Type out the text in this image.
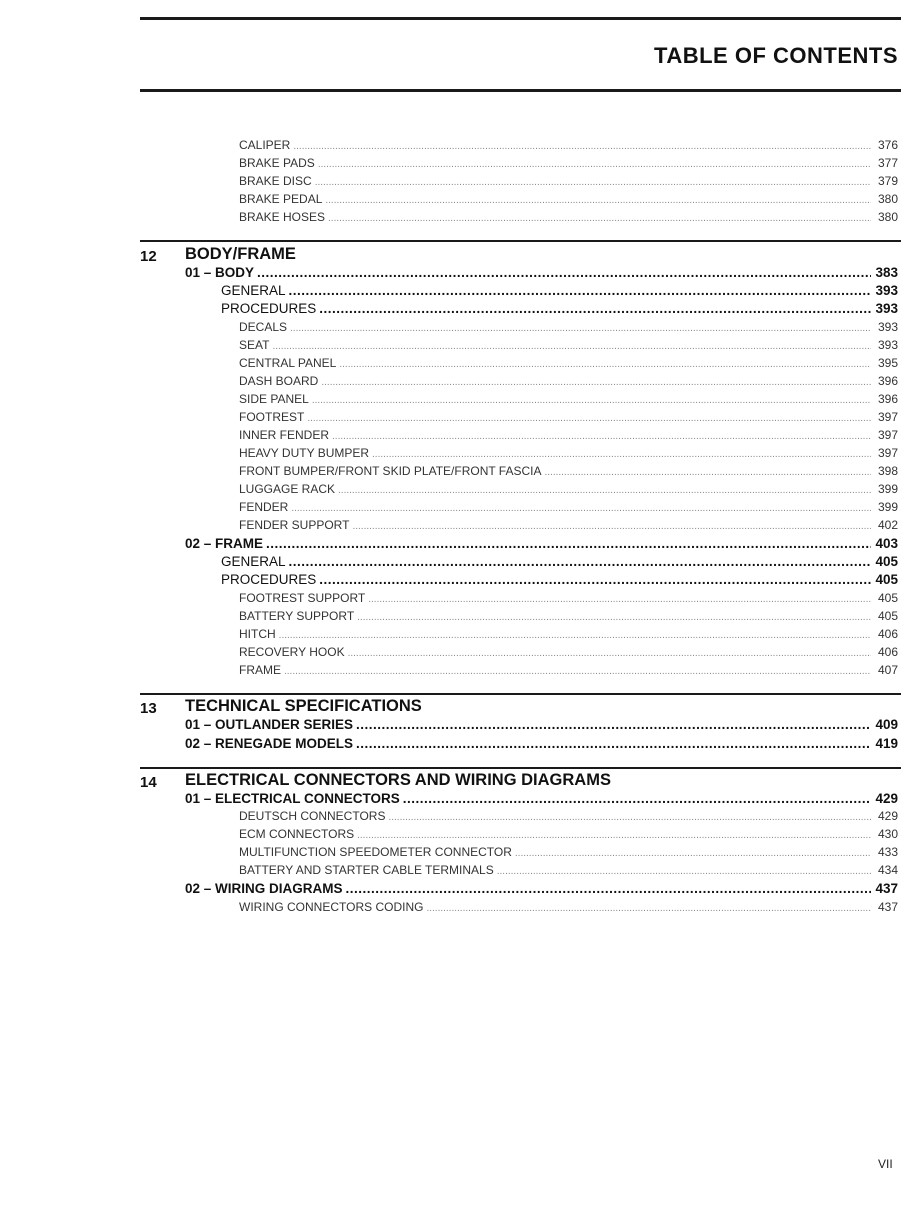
TABLE OF CONTENTS
CALIPER .....	376
BRAKE PADS .....	377
BRAKE DISC .....	379
BRAKE PEDAL .....	380
BRAKE HOSES .....	380
12 BODY/FRAME
01 – BODY .....	383
GENERAL .....	393
PROCEDURES .....	393
DECALS .....	393
SEAT .....	393
CENTRAL PANEL .....	395
DASH BOARD .....	396
SIDE PANEL .....	396
FOOTREST .....	397
INNER FENDER .....	397
HEAVY DUTY BUMPER .....	397
FRONT BUMPER/FRONT SKID PLATE/FRONT FASCIA .....	398
LUGGAGE RACK .....	399
FENDER .....	399
FENDER SUPPORT .....	402
02 – FRAME .....	403
GENERAL .....	405
PROCEDURES .....	405
FOOTREST SUPPORT .....	405
BATTERY SUPPORT .....	405
HITCH .....	406
RECOVERY HOOK .....	406
FRAME .....	407
13 TECHNICAL SPECIFICATIONS
01 – OUTLANDER SERIES .....	409
02 – RENEGADE MODELS .....	419
14 ELECTRICAL CONNECTORS AND WIRING DIAGRAMS
01 – ELECTRICAL CONNECTORS .....	429
DEUTSCH CONNECTORS .....	429
ECM CONNECTORS .....	430
MULTIFUNCTION SPEEDOMETER CONNECTOR .....	433
BATTERY AND STARTER CABLE TERMINALS .....	434
02 – WIRING DIAGRAMS .....	437
WIRING CONNECTORS CODING .....	437
VII
